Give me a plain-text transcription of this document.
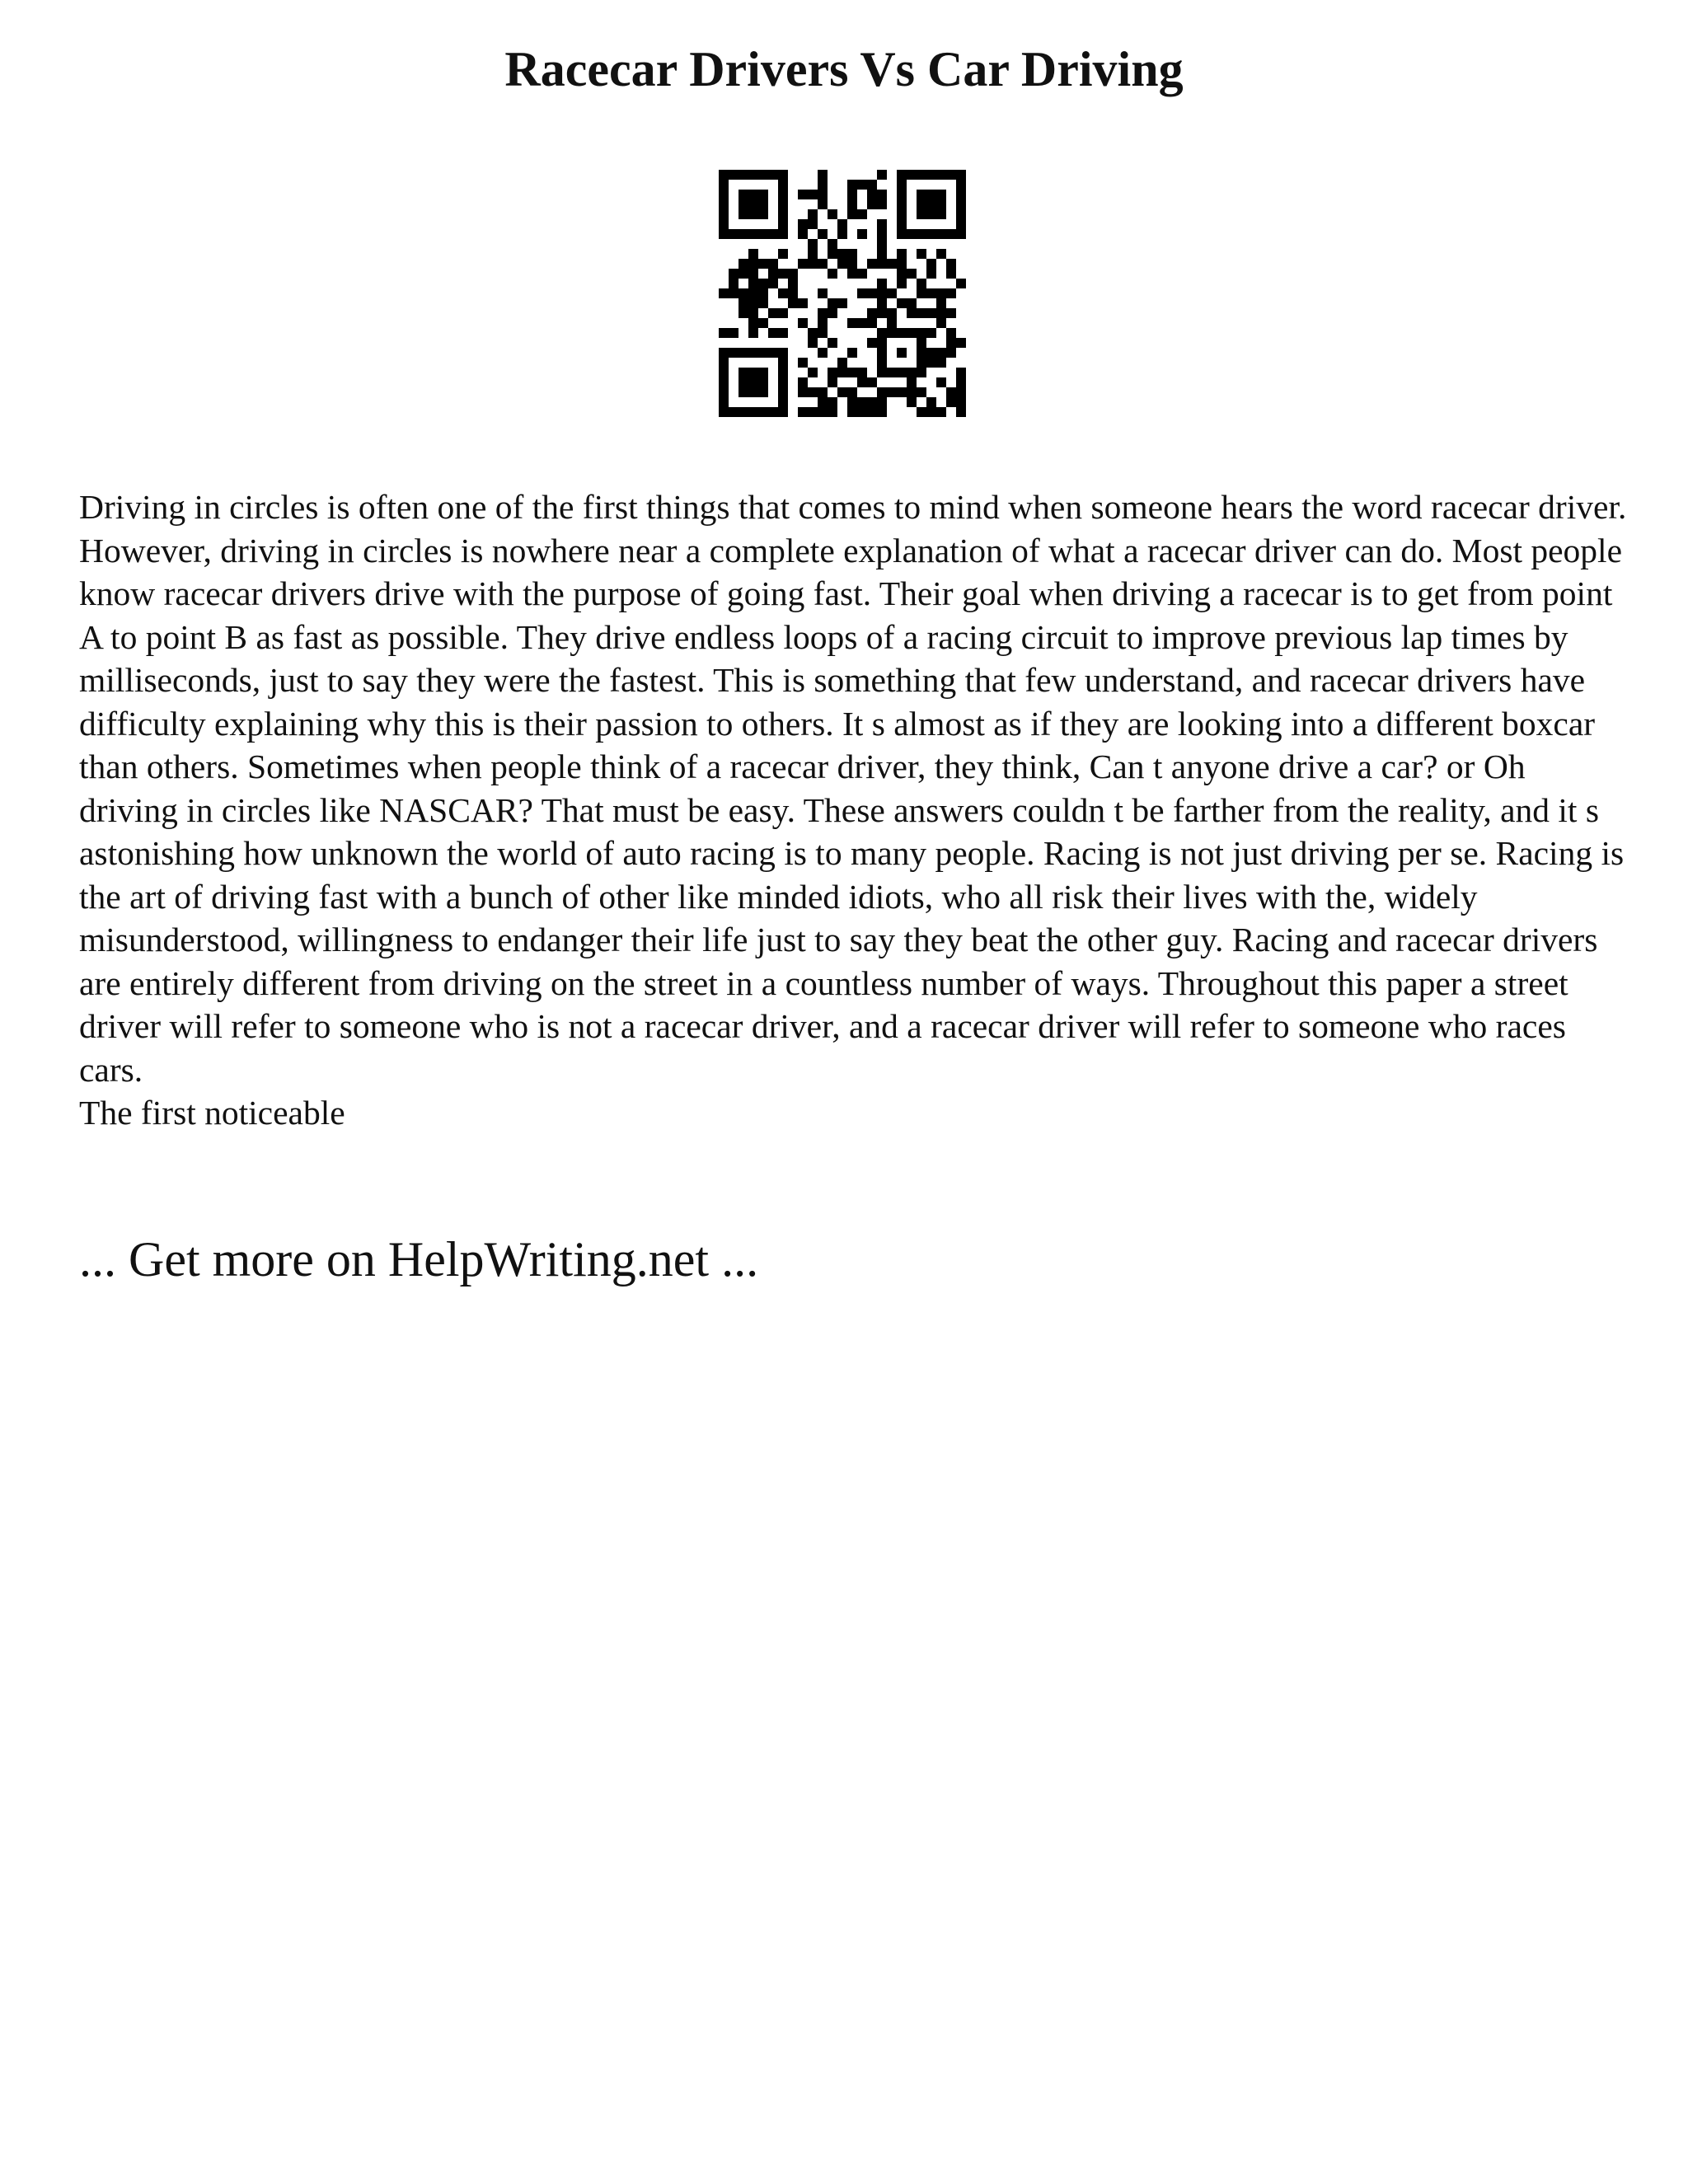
Racecar Drivers Vs Car Driving

Driving in circles is often one of the first things that comes to mind when someone hears the word racecar driver. However, driving in circles is nowhere near a complete explanation of what a racecar driver can do. Most people know racecar drivers drive with the purpose of going fast. Their goal when driving a racecar is to get from point A to point B as fast as possible. They drive endless loops of a racing circuit to improve previous lap times by milliseconds, just to say they were the fastest. This is something that few understand, and racecar drivers have difficulty explaining why this is their passion to others. It s almost as if they are looking into a different boxcar than others. Sometimes when people think of a racecar driver, they think, Can t anyone drive a car? or Oh driving in circles like NASCAR? That must be easy. These answers couldn t be farther from the reality, and it s astonishing how unknown the world of auto racing is to many people. Racing is not just driving per se. Racing is the art of driving fast with a bunch of other like minded idiots, who all risk their lives with the, widely misunderstood, willingness to endanger their life just to say they beat the other guy. Racing and racecar drivers are entirely different from driving on the street in a countless number of ways. Throughout this paper a street driver will refer to someone who is not a racecar driver, and a racecar driver will refer to someone who races cars.

The first noticeable

... Get more on HelpWriting.net ...
